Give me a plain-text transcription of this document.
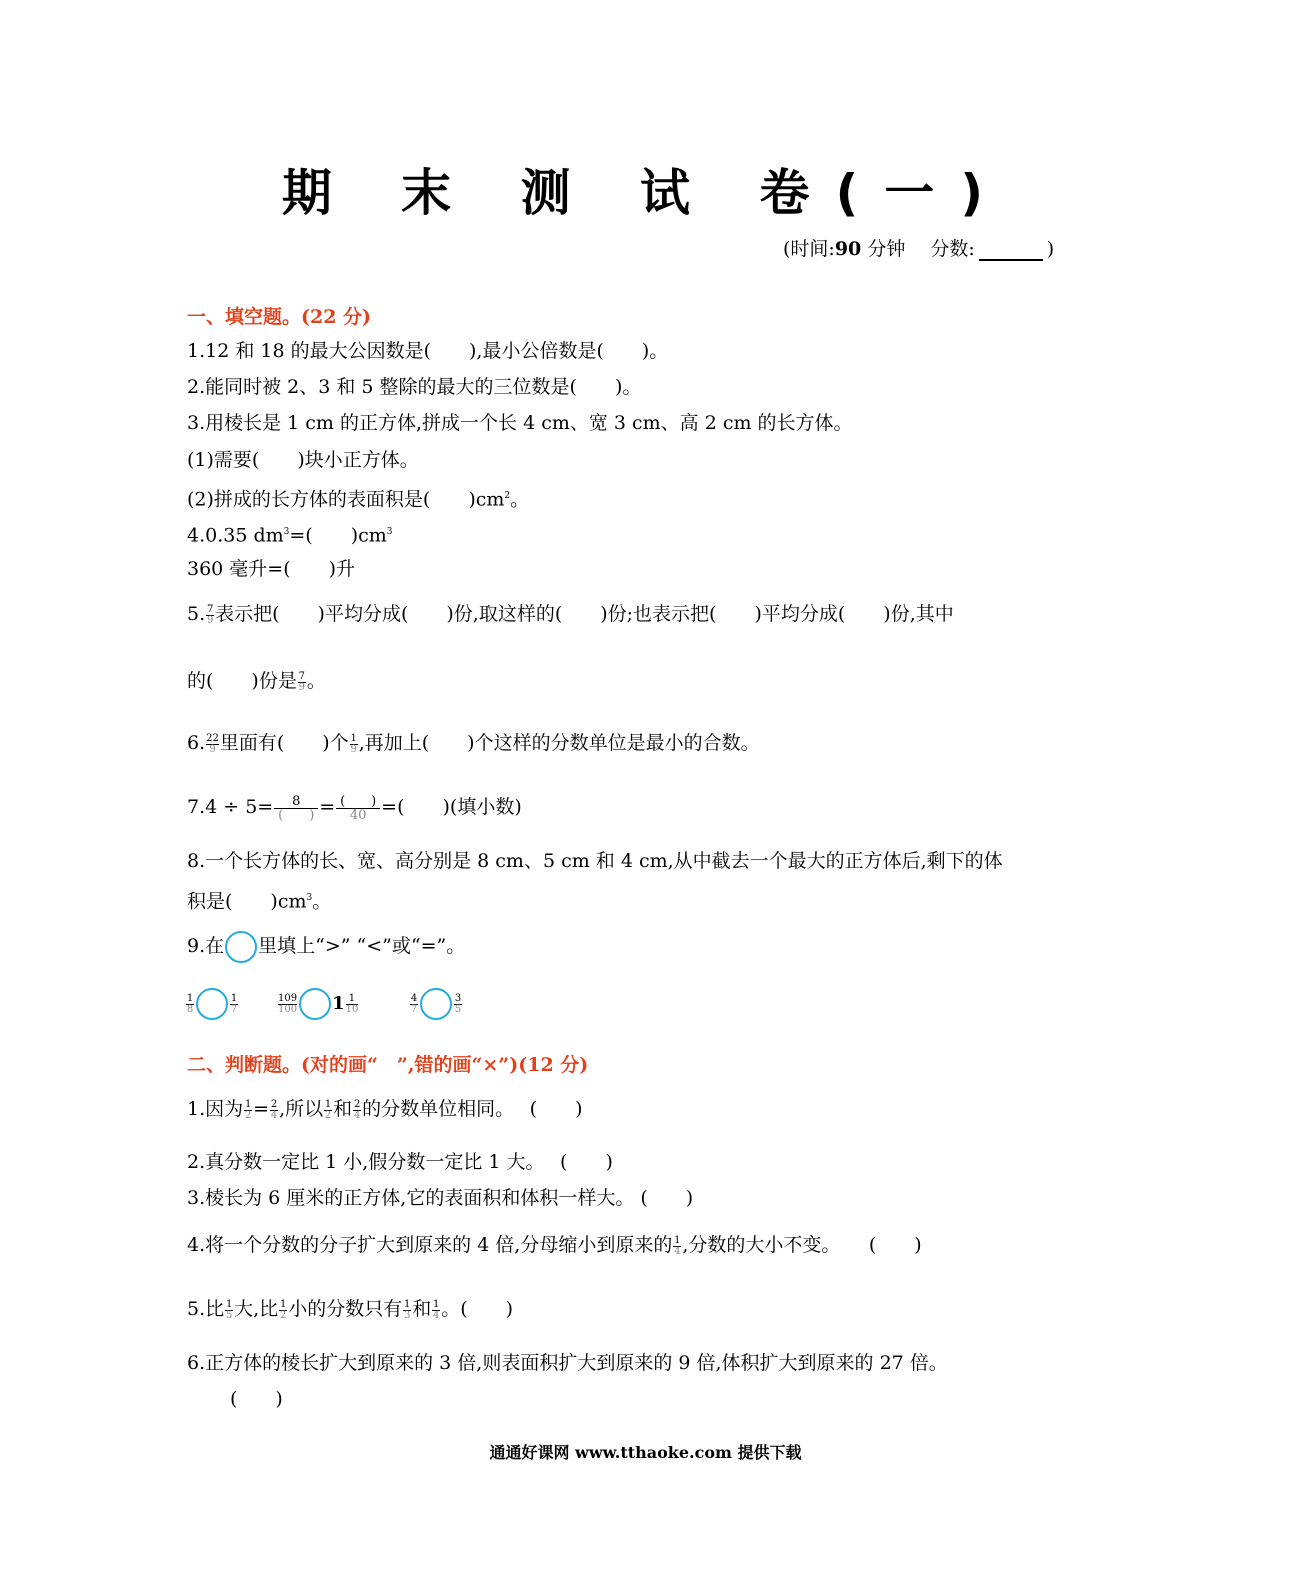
期 末 测 试 卷(一)
(时间:90 分钟　 分数:	)
一、填空题。(22 分)
1.12 和 18 的最大公因数是(　　),最小公倍数是(　　)。
2.能同时被 2、3 和 5 整除的最大的三位数是(　　)。
3.用棱长是 1 cm 的正方体,拼成一个长 4 cm、宽 3 cm、高 2 cm 的长方体。
(1)需要(　　)块小正方体。
(2)拼成的长方体的表面积是(　　)$cm^2$。
4.0.35 $dm^3=$(　　)$cm^3$
360 毫升=(　　)升
5. $\frac{7}{9}$ 表示把(　　)平均分成(　　)份,取这样的(　　)份;也表示把(　　)平均分成(　　)份,其中
的(　　)份是 $\frac{7}{9}$ 。
6. $\frac{22}{9}$ 里面有(　　)个 $\frac{1}{9}$ ,再加上(　　)个这样的分数单位是最小的合数。
$7.4 \div 5= \frac{8}{( )} = \frac{( )}{40}$ =(　　)(填小数)
8.一个长方体的长、宽、高分别是 8 cm、5 cm 和 4 cm,从中截去一个最大的正方体后,剩下的体
积是(　　)$cm^3$。
9.在 里填上“>” “<”或“=”。
$\frac{1}{8}$	$\frac{1}{7}$	$\frac{109}{100} 1 \frac{1}{10}$	$\frac{4}{7}$	$\frac{3}{5}$
二、判断题。(对的画“　”,错的画“×”)(12 分)
1.因为 $\frac{1}{2} = \frac{2}{4}$ ,所以 $\frac{1}{2}$ 和 $\frac{2}{4}$ 的分数单位相同。　 (　　)
2.真分数一定比 1 小,假分数一定比 1 大。　 (　　)
3.棱长为 6 厘米的正方体,它的表面积和体积一样大。 (　　)
4.将一个分数的分子扩大到原来的 4 倍,分母缩小到原来的 $\frac{1}{4}$ ,分数的大小不变。　　(　　)
5.比 $\frac{1}{5}$ 大,比 $\frac{1}{2}$ 小的分数只有 $\frac{1}{3}$ 和 $\frac{1}{4}$ 。(　　)
6.正方体的棱长扩大到原来的 3 倍,则表面积扩大到原来的 9 倍,体积扩大到原来的 27 倍。
(　　)
通通好课网 www.tthaoke.com 提供下载
